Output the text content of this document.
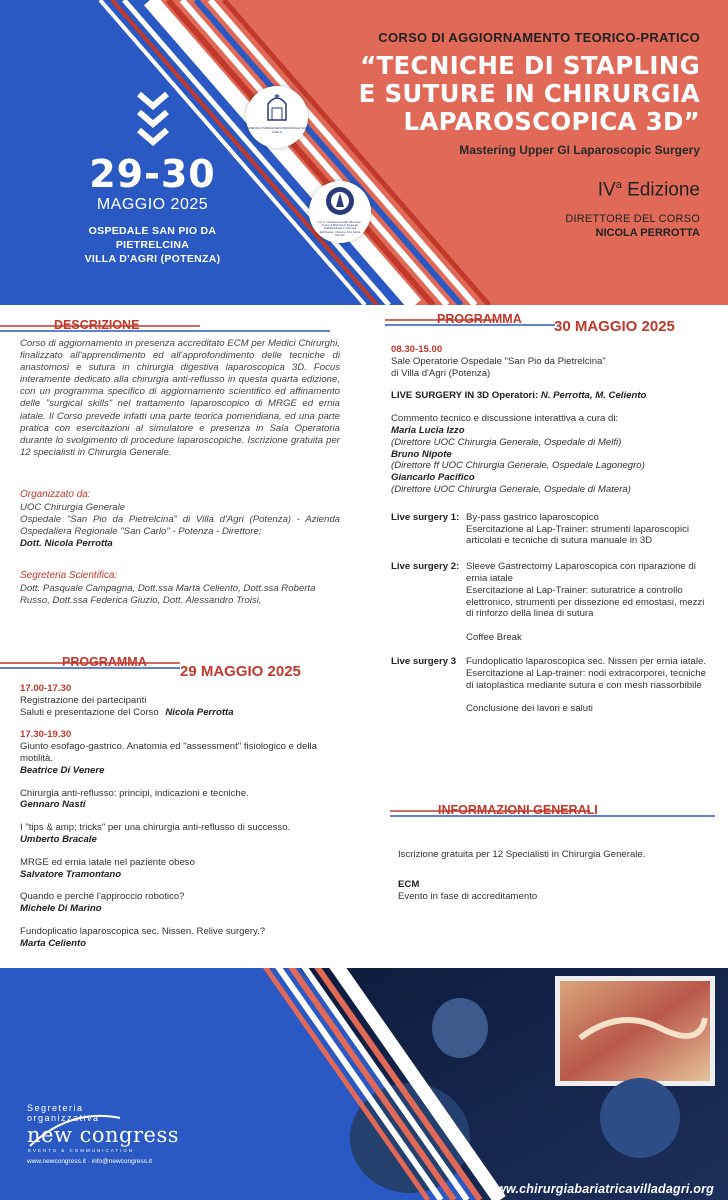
29-30
MAGGIO 2025
OSPEDALE SAN PIO DA PIETRELCINA
VILLA D'AGRI (POTENZA)
AZIENDA OSPEDALIERA REGIONALE SAN CARLO
U.O.C. Chirurgia Generale Villa d'Agri · Centro di Riferimento Regionale Multidisciplinare in Chirurgia dell'Obesità · Direttore: Dott. Nicola Perrotta
CORSO DI AGGIORNAMENTO TEORICO-PRATICO
“TECNICHE DI STAPLING
E SUTURE IN CHIRURGIA
LAPAROSCOPICA 3D”
Mastering Upper GI Laparoscopic Surgery
$IV^a$ Edizione
DIRETTORE DEL CORSO
NICOLA PERROTTA
DESCRIZIONE	PROGRAMMA 30 MAGGIO 2025
PROGRAMMA
29 MAGGIO 2025
INFORMAZIONI GENERALI
Corso di aggiornamento in presenza accreditato ECM per Medici Chirurghi, finalizzato all'apprendimento ed all'approfondimento delle tecniche di anastomosi e sutura in chirurgia digestiva laparoscopica 3D. Focus interamente dedicato alla chirurgia anti-reflusso in questa quarta edizione, con un programma specifico di aggiornamento scientifico ed affinamento delle "surgical skills" nel trattamento laparoscopico di MRGE ed ernia iatale. Il Corso prevede infatti una parte teorica pomeridiana, ed una parte pratica con esercitazioni al simulatore e presenza in Sala Operatoria durante lo svolgimento di procedure laparoscopiche. Iscrizione gratuita per 12 specialisti in Chirurgia Generale.
Organizzato da:
UOC Chirurgia Generale
Ospedale "San Pio da Pietrelcina" di Villa d'Agri (Potenza) - Azienda Ospedaliera Regionale "San Carlo" - Potenza - Direttore:
Dott. Nicola Perrotta
Segreteria Scientifica:
Dott. Pasquale Campagna, Dott.ssa Marta Celiento, Dott.ssa Roberta Russo, Dott.ssa Federica Giuzio, Dott. Alessandro Troisi,
17.00-17.30
Registrazione dei partecipanti
Saluti e presentazione del Corso Nicola Perrotta
17.30-19.30
Giunto esofago-gastrico. Anatomia ed "assessment" fisiologico e della motilità.
Beatrice Di Venere
Chirurgia anti-reflusso: principi, indicazioni e tecniche.
Gennaro Nasti
I "tips & amp; tricks" per una chirurgia anti-reflusso di successo.
Umberto Bracale
MRGE ed ernia iatale nel paziente obeso
Salvatore Tramontano
Quando e perché l'approccio robotico?
Michele Di Marino
Fundoplicatio laparoscopica sec. Nissen. Relive surgery.?
Marta Celiento
08.30-15.00
Sale Operatorie Ospedale "San Pio da Pietrelcina"
di Villa d'Agri (Potenza)
LIVE SURGERY IN 3D Operatori: N. Perrotta, M. Celiento
Commento tecnico e discussione interattiva a cura di:
Maria Lucia Izzo
(Direttore UOC Chirurgia Generale, Ospedale di Melfi)
Bruno Nipote
(Direttore ff UOC Chirurgia Generale, Ospedale Lagonegro)
Giancarlo Pacifico
(Direttore UOC Chirurgia Generale, Ospedale di Matera)
Live surgery 1: By-pass gastrico laparoscopico
Esercitazione al Lap-Trainer: strumenti laparoscopici articolati e tecniche di sutura manuale in 3D
Live surgery 2: Sleeve Gastrectomy Laparoscopica con riparazione di ernia iatale
Esercitazione al Lap-Trainer: suturatrice a controllo elettronico, strumenti per dissezione ed emostasi, mezzi di rinforzo della linea di sutura
Coffee Break
Live surgery 3	Fundoplicatio laparoscopica sec. Nissen per ernia iatale.
Esercitazione al Lap-trainer: nodi extracorporei, tecniche di iatoplastica mediante sutura e con mesh riassorbibile
Conclusione dei lavori e saluti
Iscrizione gratuita per 12 Specialisti in Chirurgia Generale.
ECM
Evento in fase di accreditamento
Segreteria
organizzativa
new congress
EVENTS & COMMUNICATION
www.newcongress.it · info@newcongress.it
www.chirurgiabariatricavilladagri.org
